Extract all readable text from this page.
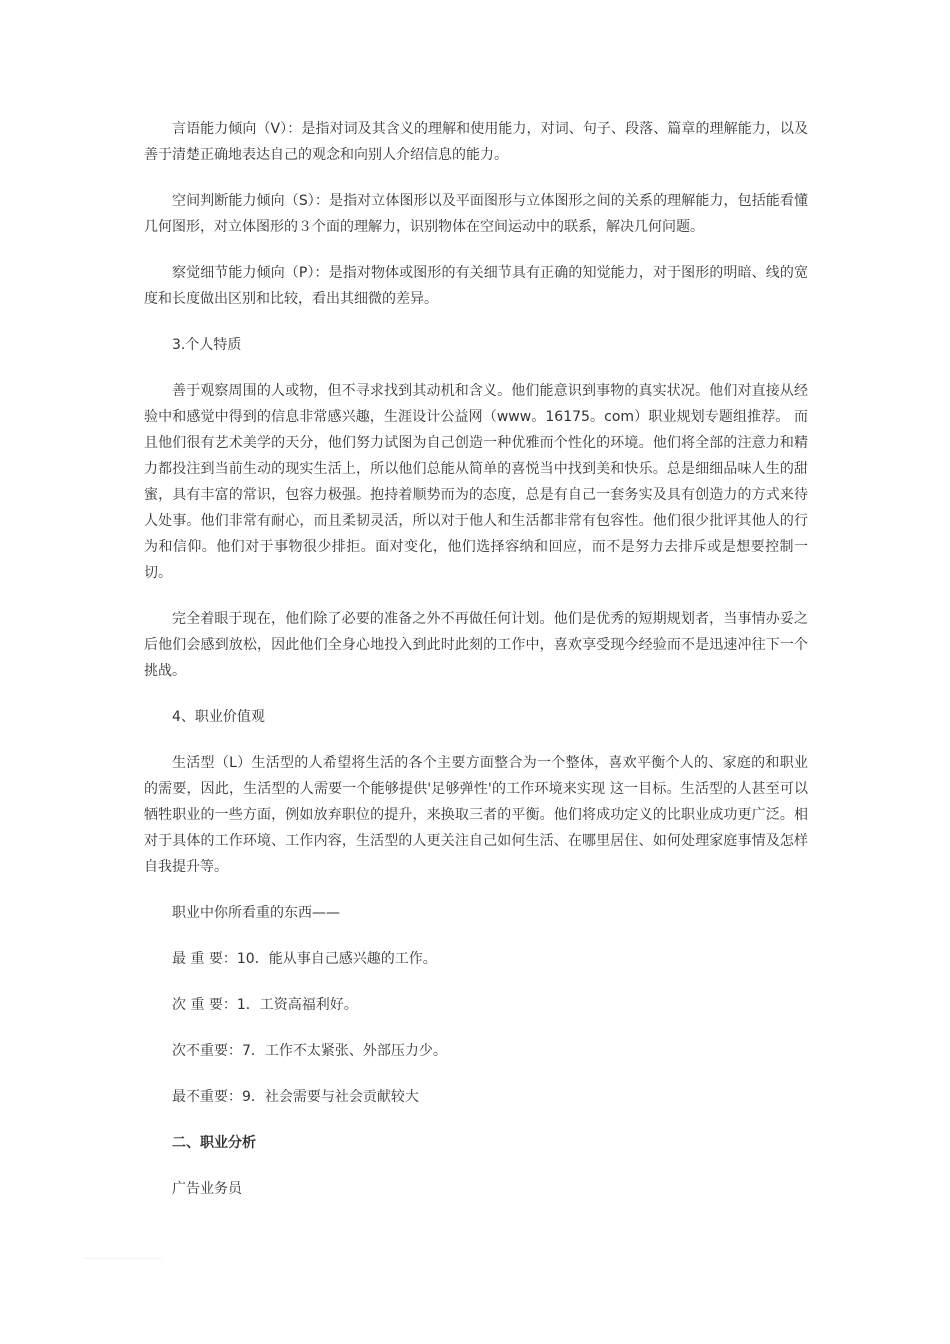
言语能力倾向（V）：是指对词及其含义的理解和使用能力，对词、句子、段落、篇章的理解能力，以及善于清楚正确地表达自己的观念和向别人介绍信息的能力。

空间判断能力倾向（S）：是指对立体图形以及平面图形与立体图形之间的关系的理解能力，包括能看懂几何图形，对立体图形的３个面的理解力，识别物体在空间运动中的联系，解决几何问题。

察觉细节能力倾向（P）：是指对物体或图形的有关细节具有正确的知觉能力，对于图形的明暗、线的宽度和长度做出区别和比较，看出其细微的差异。

3.个人特质

善于观察周围的人或物，但不寻求找到其动机和含义。他们能意识到事物的真实状况。他们对直接从经验中和感觉中得到的信息非常感兴趣，生涯设计公益网（www。16175。com）职业规划专题组推荐。 而且他们很有艺术美学的天分，他们努力试图为自己创造一种优雅而个性化的环境。他们将全部的注意力和精力都投注到当前生动的现实生活上，所以他们总能从简单的喜悦当中找到美和快乐。总是细细品味人生的甜蜜，具有丰富的常识，包容力极强。抱持着顺势而为的态度，总是有自己一套务实及具有创造力的方式来待人处事。他们非常有耐心，而且柔韧灵活，所以对于他人和生活都非常有包容性。他们很少批评其他人的行为和信仰。他们对于事物很少排拒。面对变化，他们选择容纳和回应，而不是努力去排斥或是想要控制一切。

完全着眼于现在，他们除了必要的准备之外不再做任何计划。他们是优秀的短期规划者，当事情办妥之后他们会感到放松，因此他们全身心地投入到此时此刻的工作中，喜欢享受现今经验而不是迅速冲往下一个挑战。

4、职业价值观

生活型（L）生活型的人希望将生活的各个主要方面整合为一个整体，喜欢平衡个人的、家庭的和职业的需要，因此，生活型的人需要一个能够提供'足够弹性'的工作环境来实现 这一目标。生活型的人甚至可以牺牲职业的一些方面，例如放弃职位的提升，来换取三者的平衡。他们将成功定义的比职业成功更广泛。相对于具体的工作环境、工作内容，生活型的人更关注自己如何生活、在哪里居住、如何处理家庭事情及怎样自我提升等。

职业中你所看重的东西——

最 重 要：10．能从事自己感兴趣的工作。

次 重 要：1．工资高福利好。

次不重要：7．工作不太紧张、外部压力少。

最不重要：9．社会需要与社会贡献较大

二、职业分析

广告业务员
